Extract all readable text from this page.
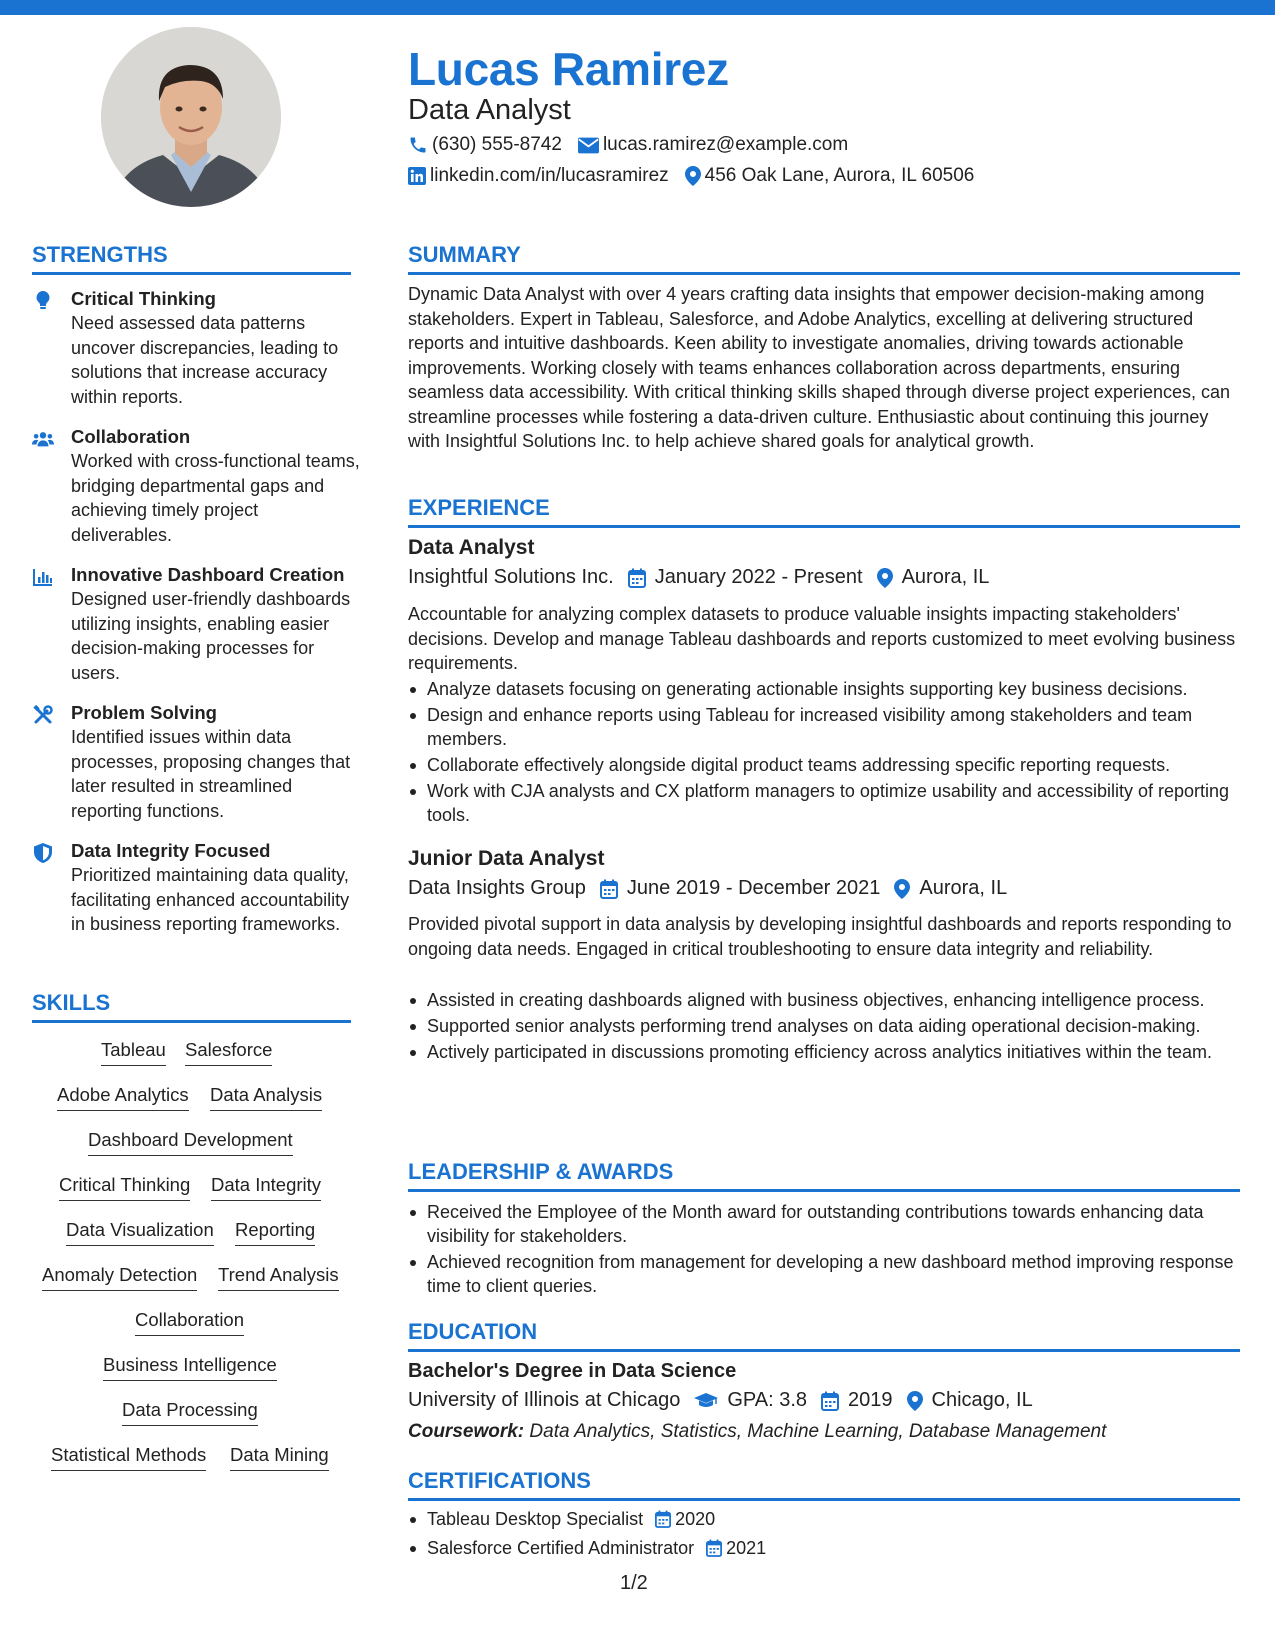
Lucas Ramirez
Data Analyst
(630) 555-8742 lucas.ramirez@example.com
linkedin.com/in/lucasramirez 456 Oak Lane, Aurora, IL 60506
STRENGTHS
Critical Thinking
Need assessed data patterns uncover discrepancies, leading to solutions that increase accuracy within reports.
Collaboration
Worked with cross-functional teams, bridging departmental gaps and achieving timely project deliverables.
Innovative Dashboard Creation
Designed user-friendly dashboards utilizing insights, enabling easier decision-making processes for users.
Problem Solving
Identified issues within data processes, proposing changes that later resulted in streamlined reporting functions.
Data Integrity Focused
Prioritized maintaining data quality, facilitating enhanced accountability in business reporting frameworks.
SKILLS
Tableau Salesforce
Adobe Analytics Data Analysis
Dashboard Development
Critical Thinking Data Integrity
Data Visualization Reporting
Anomaly Detection Trend Analysis
Collaboration
Business Intelligence
Data Processing
Statistical Methods Data Mining
SUMMARY
Dynamic Data Analyst with over 4 years crafting data insights that empower decision-making among stakeholders. Expert in Tableau, Salesforce, and Adobe Analytics, excelling at delivering structured reports and intuitive dashboards. Keen ability to investigate anomalies, driving towards actionable improvements. Working closely with teams enhances collaboration across departments, ensuring seamless data accessibility. With critical thinking skills shaped through diverse project experiences, can streamline processes while fostering a data-driven culture. Enthusiastic about continuing this journey with Insightful Solutions Inc. to help achieve shared goals for analytical growth.
EXPERIENCE
Data Analyst
Insightful Solutions Inc. January 2022 - Present Aurora, IL
Accountable for analyzing complex datasets to produce valuable insights impacting stakeholders' decisions. Develop and manage Tableau dashboards and reports customized to meet evolving business requirements.
Analyze datasets focusing on generating actionable insights supporting key business decisions.
Design and enhance reports using Tableau for increased visibility among stakeholders and team members.
Collaborate effectively alongside digital product teams addressing specific reporting requests.
Work with CJA analysts and CX platform managers to optimize usability and accessibility of reporting tools.
Junior Data Analyst
Data Insights Group June 2019 - December 2021 Aurora, IL
Provided pivotal support in data analysis by developing insightful dashboards and reports responding to ongoing data needs. Engaged in critical troubleshooting to ensure data integrity and reliability.
Assisted in creating dashboards aligned with business objectives, enhancing intelligence process.
Supported senior analysts performing trend analyses on data aiding operational decision-making.
Actively participated in discussions promoting efficiency across analytics initiatives within the team.
LEADERSHIP & AWARDS
Received the Employee of the Month award for outstanding contributions towards enhancing data visibility for stakeholders.
Achieved recognition from management for developing a new dashboard method improving response time to client queries.
EDUCATION
Bachelor's Degree in Data Science
University of Illinois at Chicago GPA: 3.8 2019 Chicago, IL
Coursework: Data Analytics, Statistics, Machine Learning, Database Management
CERTIFICATIONS
Tableau Desktop Specialist 2020
Salesforce Certified Administrator 2021
1/2
